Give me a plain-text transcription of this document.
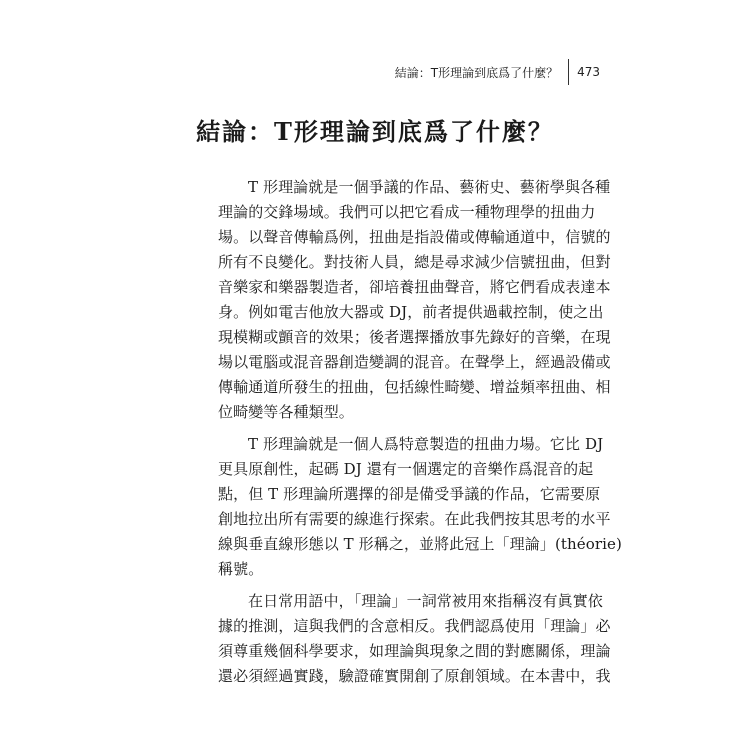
結論：T形理論到底爲了什麼？	473
結論：T形理論到底爲了什麼？
T 形理論就是一個爭議的作品、藝術史、藝術學與各種
理論的交鋒場域。我們可以把它看成一種物理學的扭曲力
場。以聲音傳輸爲例，扭曲是指設備或傳輸通道中，信號的
所有不良變化。對技術人員，總是尋求減少信號扭曲，但對
音樂家和樂器製造者，卻培養扭曲聲音，將它們看成表達本
身。例如電吉他放大器或 DJ，前者提供過載控制，使之出
現模糊或顫音的效果；後者選擇播放事先錄好的音樂，在現
場以電腦或混音器創造變調的混音。在聲學上，經過設備或
傳輸通道所發生的扭曲，包括線性畸變、增益頻率扭曲、相
位畸變等各種類型。
T 形理論就是一個人爲特意製造的扭曲力場。它比 DJ
更具原創性，起碼 DJ 還有一個選定的音樂作爲混音的起
點，但 T 形理論所選擇的卻是備受爭議的作品，它需要原
創地拉出所有需要的線進行探索。在此我們按其思考的水平
線與垂直線形態以 T 形稱之，並將此冠上「理論」(théorie)
稱號。
在日常用語中，「理論」一詞常被用來指稱沒有眞實依
據的推測，這與我們的含意相反。我們認爲使用「理論」必
須尊重幾個科學要求，如理論與現象之間的對應關係，理論
還必須經過實踐，驗證確實開創了原創領域。在本書中，我
